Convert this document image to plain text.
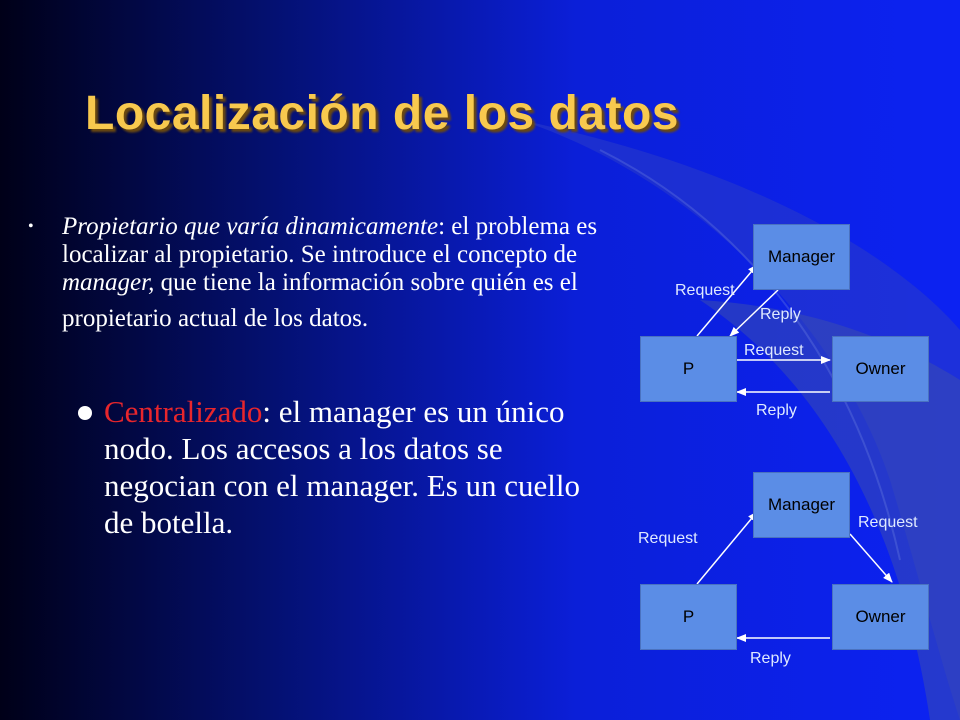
Localización de los datos
• Propietario que varía dinamicamente: el problema es localizar al propietario. Se introduce el concepto de manager, que tiene la información sobre quién es el propietario actual de los datos.
Centralizado: el manager es un único nodo. Los accesos a los datos se negocian con el manager. Es un cuello de botella.
Manager
P	Owner
Request
Reply
Request
Reply
Manager
P	Owner
Request
Request
Reply
